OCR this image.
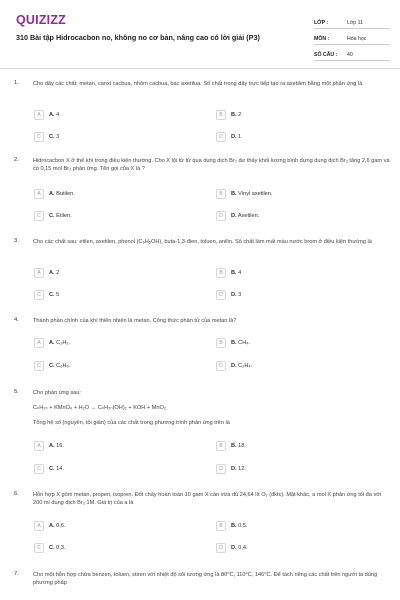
QUIZIZZ
310 Bài tập Hidrocacbon no, không no cơ bản, nâng cao có lời giải (P3)
LỚP :	Lớp 11
MÔN :	Hóa học
SỐ CÂU :	40
1.	Cho dãy các chất: metan, canxi cacbua, nhôm cacbua, bạc axetilua. Số chất trong dãy trực tiếp tạo ra axetilen bằng một phản ứng là
A	A. 4	B	B. 2
C	C. 3	D	D. 1
2.	Hidrocacbon X ở thể khí trong điều kiện thường. Cho X lội từ từ qua dung dịch Br₂ dư thấy khối lượng bình đựng dung dịch Br₂ tăng 2,6 gam và có 0,15 mol Br₂ phản ứng. Tên gọi của X là ?
A	A. Butilen.	B	B. Vinyl axetilen.
C	C. Etilen.	D	D. Axetilen.
3.	Cho các chất sau: etilen, axetilen, phenol (C₆H₅OH), buta-1,3-đien, toluen, anilin. Số chất làm mất màu nước brom ở điều kiện thường là
A	A. 2	B	B. 4
C	C. 5	D	D. 3
4.	Thành phần chính của khí thiên nhiên là metan. Công thức phân tử của metan là?
A	A. C₂H₂.	B	B. CH₄.
C	C. C₆H₆.	D	D. C₂H₄.
5.	Cho phản ứng sau:
CₙH₂ₙ + KMnO₄ + H₂O → CₙH₂ₙ(OH)₂ + KOH + MnO₂
Tổng hệ số (nguyên, tối giản) của các chất trong phương trình phản ứng trên là
A	A. 16.	B	B. 18.
C	C. 14.	D	D. 12.
6.	Hỗn hợp X gồm metan, propen, isopren. Đốt cháy hoàn toàn 10 gam X cần vừa đủ 24,64 lít O₂ (đktc). Mặt khác, a mol X phản ứng tối đa với 200 ml dung dịch Br₂ 1M. Giá trị của a là
A	A. 0,6.	B	B. 0,5.
C	C. 0,3.	D	D. 0,4.
7.	Cho một hỗn hợp chứa benzen, toluen, stiren với nhiệt độ sôi tương ứng là 80⁰C, 110⁰C, 146⁰C. Để tách riêng các chất trên người ta dùng phương pháp
